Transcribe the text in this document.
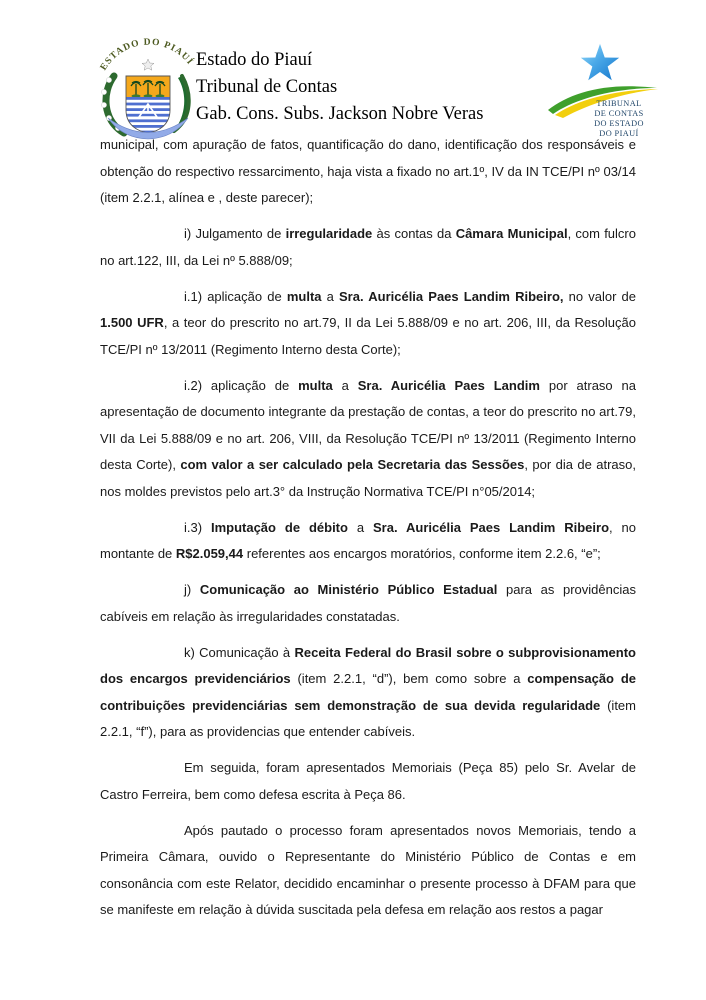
ESTADO DO PIAUÍ Estado do Piauí
Tribunal de Contas
Gab. Cons. Subs. Jackson Nobre Veras
TRIBUNAL
DE CONTAS
DO ESTADO
DO PIAUÍ

municipal, com apuração de fatos, quantificação do dano, identificação dos responsáveis e obtenção do respectivo ressarcimento, haja vista a fixado no art.1º, IV da IN TCE/PI nº 03/14 (item 2.2.1, alínea e , deste parecer);

i) Julgamento de irregularidade às contas da Câmara Municipal, com fulcro no art.122, III, da Lei nº 5.888/09;

i.1) aplicação de multa a Sra. Auricélia Paes Landim Ribeiro, no valor de 1.500 UFR, a teor do prescrito no art.79, II da Lei 5.888/09 e no art. 206, III, da Resolução TCE/PI nº 13/2011 (Regimento Interno desta Corte);

i.2) aplicação de multa a Sra. Auricélia Paes Landim por atraso na apresentação de documento integrante da prestação de contas, a teor do prescrito no art.79, VII da Lei 5.888/09 e no art. 206, VIII, da Resolução TCE/PI nº 13/2011 (Regimento Interno desta Corte), com valor a ser calculado pela Secretaria das Sessões, por dia de atraso, nos moldes previstos pelo art.3° da Instrução Normativa TCE/PI n°05/2014;

i.3) Imputação de débito a Sra. Auricélia Paes Landim Ribeiro, no montante de R$2.059,44 referentes aos encargos moratórios, conforme item 2.2.6, “e”;

j) Comunicação ao Ministério Público Estadual para as providências cabíveis em relação às irregularidades constatadas.

k) Comunicação à Receita Federal do Brasil sobre o subprovisionamento dos encargos previdenciários (item 2.2.1, “d”), bem como sobre a compensação de contribuições previdenciárias sem demonstração de sua devida regularidade (item 2.2.1, “f”), para as providencias que entender cabíveis.

Em seguida, foram apresentados Memoriais (Peça 85) pelo Sr. Avelar de Castro Ferreira, bem como defesa escrita à Peça 86.

Após pautado o processo foram apresentados novos Memoriais, tendo a Primeira Câmara, ouvido o Representante do Ministério Público de Contas e em consonância com este Relator, decidido encaminhar o presente processo à DFAM para que se manifeste em relação à dúvida suscitada pela defesa em relação aos restos a pagar
